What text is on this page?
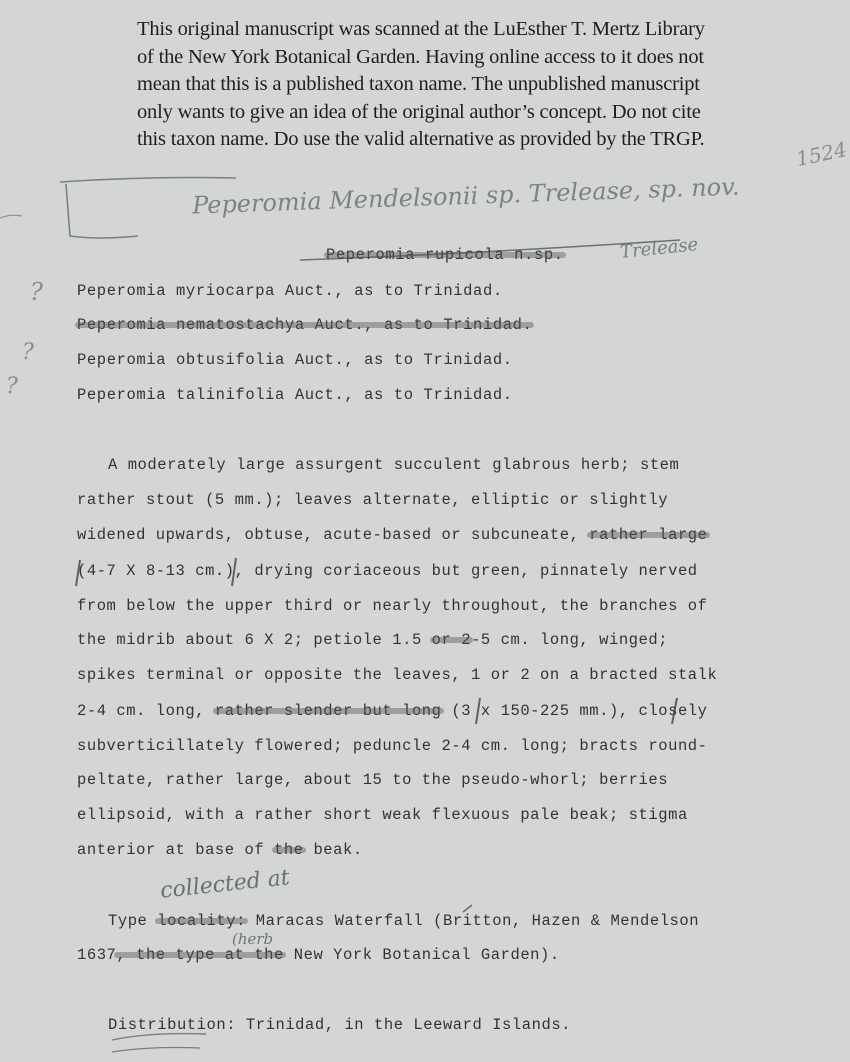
This original manuscript was scanned at the LuEsther T. Mertz Library
of the New York Botanical Garden. Having online access to it does not
mean that this is a published taxon name. The unpublished manuscript
only wants to give an idea of the original author’s concept. Do not cite
this taxon name. Do use the valid alternative as provided by the TRGP.	1524
Peperomia Mendelsonii sp. Trelease, sp. nov.
Trelease
?
?
?
collected at
(herb
Peperomia rupicola n.sp.
Peperomia myriocarpa Auct., as to Trinidad.
Peperomia nematostachya Auct., as to Trinidad.
Peperomia obtusifolia Auct., as to Trinidad.
Peperomia talinifolia Auct., as to Trinidad.
A moderately large assurgent succulent glabrous herb; stem
rather stout (5 mm.); leaves alternate, elliptic or slightly
widened upwards, obtuse, acute-based or subcuneate, rather large
(4-7 X 8-13 cm.), drying coriaceous but green, pinnately nerved
from below the upper third or nearly throughout, the branches of
the midrib about 6 X 2; petiole 1.5 or 2-5 cm. long, winged;
spikes terminal or opposite the leaves, 1 or 2 on a bracted stalk
2-4 cm. long, rather slender but long (3 x 150-225 mm.), closely
subverticillately flowered; peduncle 2-4 cm. long; bracts round-
peltate, rather large, about 15 to the pseudo-whorl; berries
ellipsoid, with a rather short weak flexuous pale beak; stigma
anterior at base of the beak.
Type locality: Maracas Waterfall (Britton, Hazen & Mendelson
1637, the type at the New York Botanical Garden).
Distribution: Trinidad, in the Leeward Islands.
